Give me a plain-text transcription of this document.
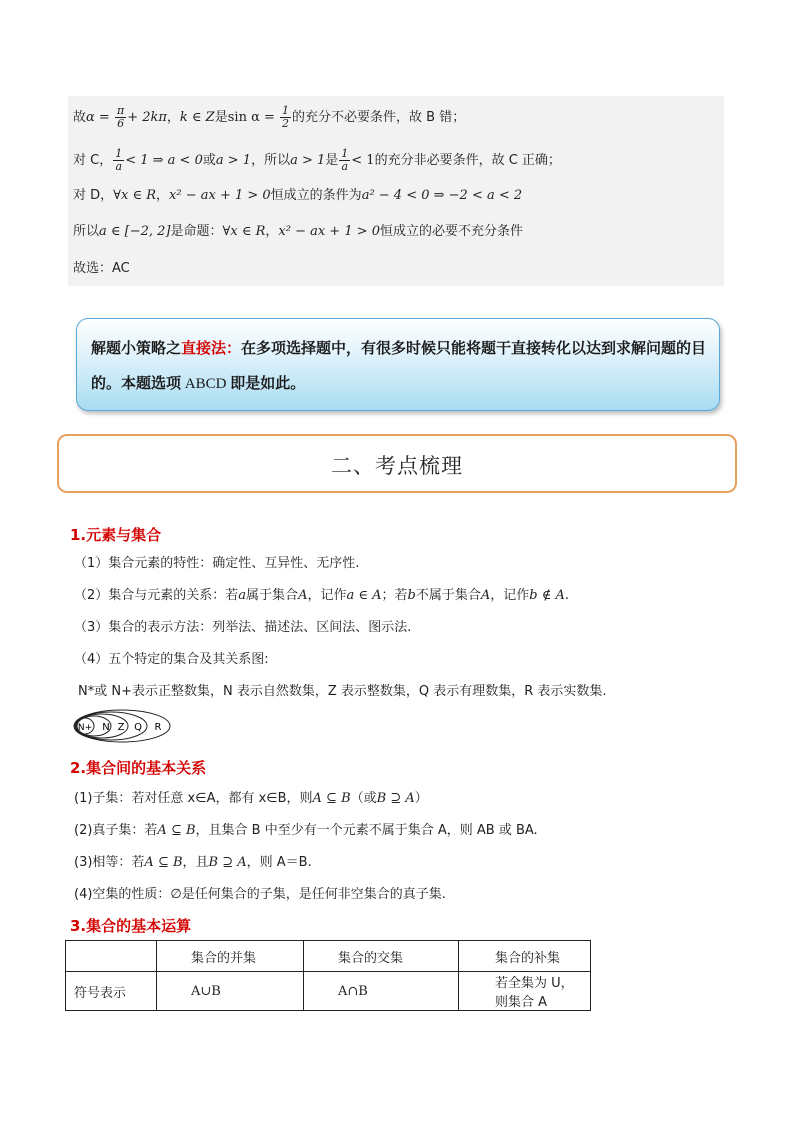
故$\alpha = \frac{\pi}{6} + 2k\pi$，k ∈ Z是$\sin \alpha = \frac{1}{2}$ 的充分不必要条件，故 B 错；
对 C， $\frac{1}{a} < 1$ ⇒ a < 0或a > 1，所以a > 1是 $\frac{1}{a} < 1$的充分非必要条件，故 C 正确；
对 D，∀x ∈ R，x² − ax + 1 > 0恒成立的条件为a² − 4 < 0 ⇒ −2 < a < 2
所以a ∈ [−2, 2]是命题：∀x ∈ R，x² − ax + 1 > 0恒成立的必要不充分条件
故选：AC
解题小策略之直接法：在多项选择题中，有很多时候只能将题干直接转化以达到求解问题的目的。本题选项 ABCD 即是如此。
二、考点梳理
1.元素与集合
（1）集合元素的特性：确定性、互异性、无序性.
（2）集合与元素的关系：若a属于集合A，记作a ∈ A；若b不属于集合A，记作b ∉ A.
（3）集合的表示方法：列举法、描述法、区间法、图示法.
（4）五个特定的集合及其关系图:
N*或 N+表示正整数集，N 表示自然数集，Z 表示整数集，Q 表示有理数集，R 表示实数集.
N+ N Z Q R
2.集合间的基本关系
(1)子集：若对任意 x∈A，都有 x∈B，则A ⊆ B（或B ⊇ A）
(2)真子集：若A ⊆ B，且集合 B 中至少有一个元素不属于集合 A，则 AB 或 BA.
(3)相等：若A ⊆ B，且B ⊇ A，则 A＝B.
(4)空集的性质：∅是任何集合的子集，是任何非空集合的真子集.
3.集合的基本运算
	集合的并集	集合的交集	集合的补集
符号表示	A∪B	A∩B	若全集为 U，则集合 A
